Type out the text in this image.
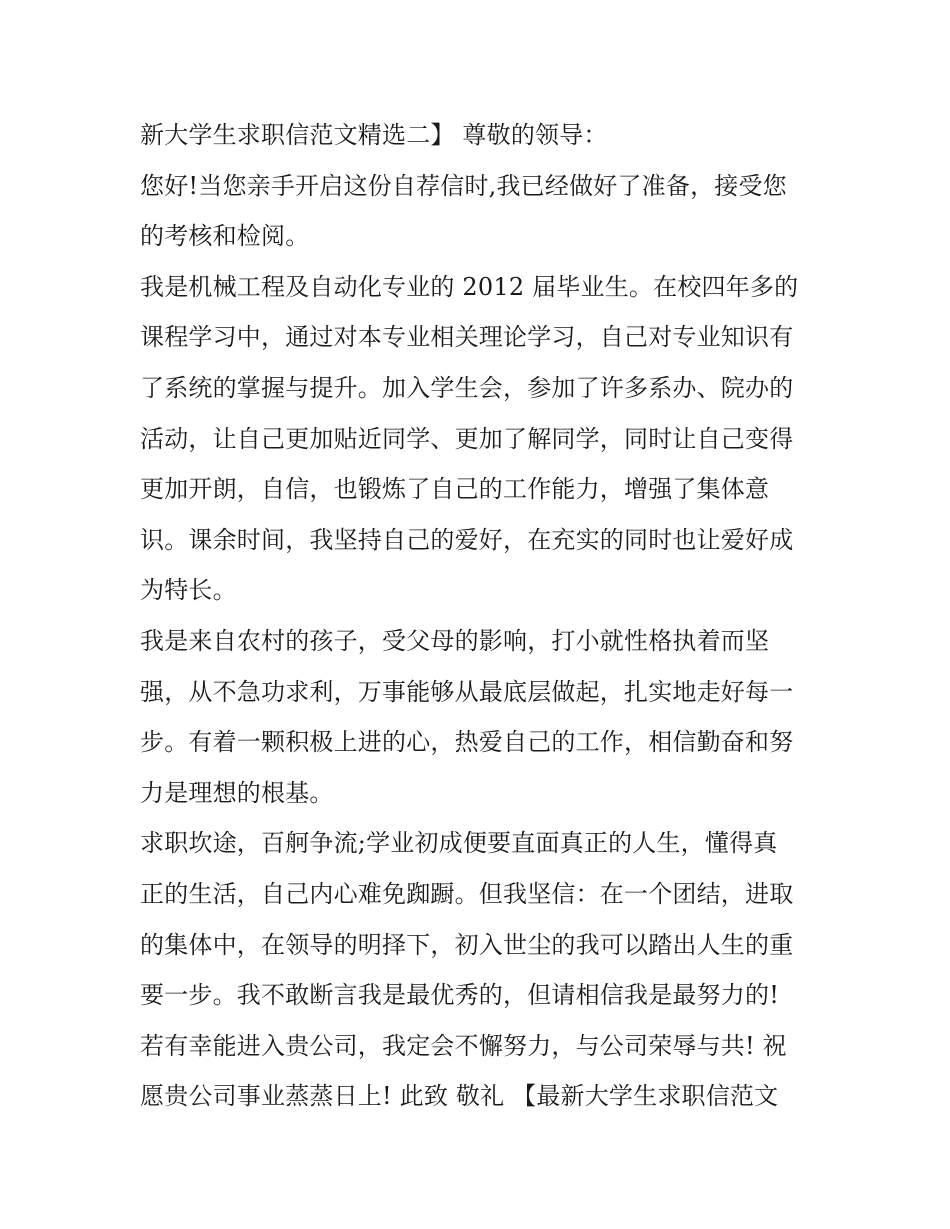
新大学生求职信范文精选二】 尊敬的领导：
您好!当您亲手开启这份自荐信时,我已经做好了准备，接受您
的考核和检阅。
我是机械工程及自动化专业的 2012 届毕业生。在校四年多的
课程学习中，通过对本专业相关理论学习，自己对专业知识有
了系统的掌握与提升。加入学生会，参加了许多系办、院办的
活动，让自己更加贴近同学、更加了解同学，同时让自己变得
更加开朗，自信，也锻炼了自己的工作能力，增强了集体意
识。课余时间，我坚持自己的爱好，在充实的同时也让爱好成
为特长。
我是来自农村的孩子，受父母的影响，打小就性格执着而坚
强，从不急功求利，万事能够从最底层做起，扎实地走好每一
步。有着一颗积极上进的心，热爱自己的工作，相信勤奋和努
力是理想的根基。
求职坎途，百舸争流;学业初成便要直面真正的人生，懂得真
正的生活，自己内心难免踟蹰。但我坚信：在一个团结，进取
的集体中，在领导的明择下，初入世尘的我可以踏出人生的重
要一步。我不敢断言我是最优秀的，但请相信我是最努力的!
若有幸能进入贵公司，我定会不懈努力，与公司荣辱与共! 祝
愿贵公司事业蒸蒸日上! 此致 敬礼 【最新大学生求职信范文
